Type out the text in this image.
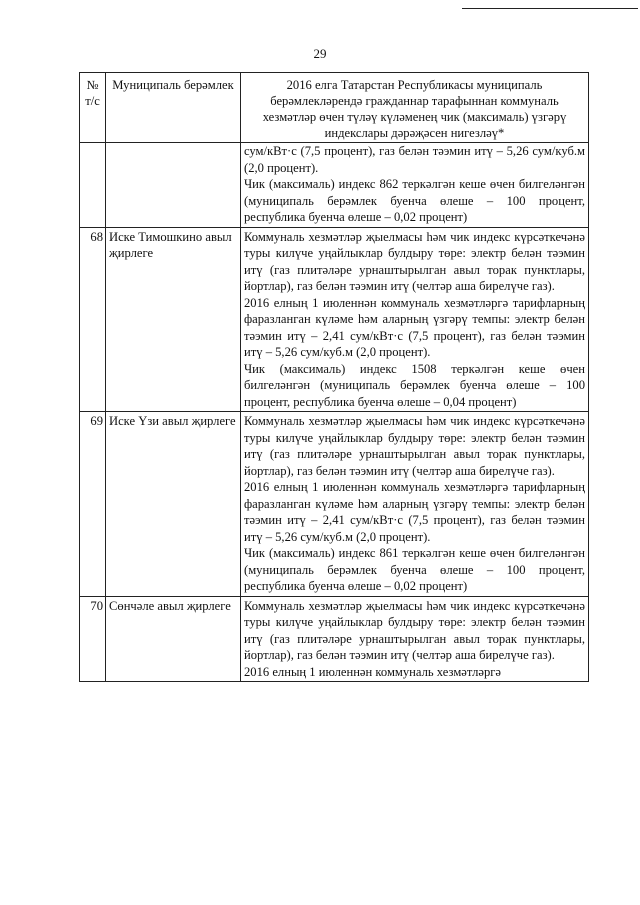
29
№ т/с	Муниципаль берәмлек	2016 елга Татарстан Республикасы муниципаль берәмлекләрендә гражданнар тарафыннан коммуналь хезмәтләр өчен түләү күләменең чик (максималь) үзгәрү индекслары дәрәҗәсен нигезләү*

		сум/кВт·с (7,5 процент), газ белән тәэмин итү – 5,26 сум/куб.м (2,0 процент).

Чик (максималь) индекс 862 теркәлгән кеше өчен билгеләнгән (муниципаль берәмлек буенча өлеше – 100 процент, республика буенча өлеше – 0,02 процент)

68	Иске Тимошкино авыл җирлеге	Коммуналь хезмәтләр җыелмасы һәм чик индекс күрсәткечәнә туры килүче уңайлыклар булдыру төре: электр белән тәэмин итү (газ плитәләре урнаштырылган авыл торак пунктлары, йортлар), газ белән тәэмин итү (челтәр аша бирелүче газ).

2016 елның 1 июленнән коммуналь хезмәтләргә тарифларның фаразланган күләме һәм аларның үзгәрү темпы: электр белән тәэмин итү – 2,41 сум/кВт·с (7,5 процент), газ белән тәэмин итү – 5,26 сум/куб.м (2,0 процент).

Чик (максималь) индекс 1508 теркәлгән кеше өчен билгеләнгән (муниципаль берәмлек буенча өлеше – 100 процент, республика буенча өлеше – 0,04 процент)

69	Иске Үзи авыл җирлеге	Коммуналь хезмәтләр җыелмасы һәм чик индекс күрсәткечәнә туры килүче уңайлыклар булдыру төре: электр белән тәэмин итү (газ плитәләре урнаштырылган авыл торак пунктлары, йортлар), газ белән тәэмин итү (челтәр аша бирелүче газ).

2016 елның 1 июленнән коммуналь хезмәтләргә тарифларның фаразланган күләме һәм аларның үзгәрү темпы: электр белән тәэмин итү – 2,41 сум/кВт·с (7,5 процент), газ белән тәэмин итү – 5,26 сум/куб.м (2,0 процент).

Чик (максималь) индекс 861 теркәлгән кеше өчен билгеләнгән (муниципаль берәмлек буенча өлеше – 100 процент, республика буенча өлеше – 0,02 процент)

70	Сөнчәле авыл җирлеге	Коммуналь хезмәтләр җыелмасы һәм чик индекс күрсәткечәнә туры килүче уңайлыклар булдыру төре: электр белән тәэмин итү (газ плитәләре урнаштырылган авыл торак пунктлары, йортлар), газ белән тәэмин итү (челтәр аша бирелүче газ).

2016 елның 1 июленнән коммуналь хезмәтләргә
